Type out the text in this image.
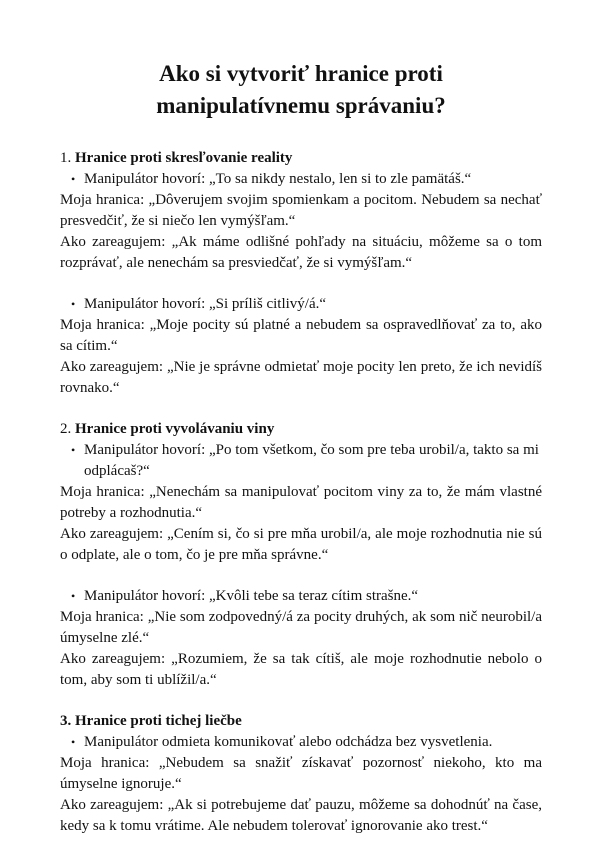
Ako si vytvoriť hranice proti manipulatívnemu správaniu?

1. Hranice proti skresľovanie reality

• Manipulátor hovorí: „To sa nikdy nestalo, len si to zle pamätáš.“

Moja hranica: „Dôverujem svojim spomienkam a pocitom. Nebudem sa nechať presvedčiť, že si niečo len vymýšľam.“

Ako zareagujem: „Ak máme odlišné pohľady na situáciu, môžeme sa o tom rozprávať, ale nenechám sa presviedčať, že si vymýšľam.“

• Manipulátor hovorí: „Si príliš citlivý/á.“

Moja hranica: „Moje pocity sú platné a nebudem sa ospravedlňovať za to, ako sa cítim.“

Ako zareagujem: „Nie je správne odmietať moje pocity len preto, že ich nevidíš rovnako.“

2. Hranice proti vyvolávaniu viny

• Manipulátor hovorí: „Po tom všetkom, čo som pre teba urobil/a, takto sa mi odplácaš?“

Moja hranica: „Nenechám sa manipulovať pocitom viny za to, že mám vlastné potreby a rozhodnutia.“

Ako zareagujem: „Cením si, čo si pre mňa urobil/a, ale moje rozhodnutia nie sú o odplate, ale o tom, čo je pre mňa správne.“

• Manipulátor hovorí: „Kvôli tebe sa teraz cítim strašne.“

Moja hranica: „Nie som zodpovedný/á za pocity druhých, ak som nič neurobil/a úmyselne zlé.“

Ako zareagujem: „Rozumiem, že sa tak cítiš, ale moje rozhodnutie nebolo o tom, aby som ti ublížil/a.“

3. Hranice proti tichej liečbe

• Manipulátor odmieta komunikovať alebo odchádza bez vysvetlenia.

Moja hranica: „Nebudem sa snažiť získavať pozornosť niekoho, kto ma úmyselne ignoruje.“

Ako zareagujem: „Ak si potrebujeme dať pauzu, môžeme sa dohodnúť na čase, kedy sa k tomu vrátime. Ale nebudem tolerovať ignorovanie ako trest.“
